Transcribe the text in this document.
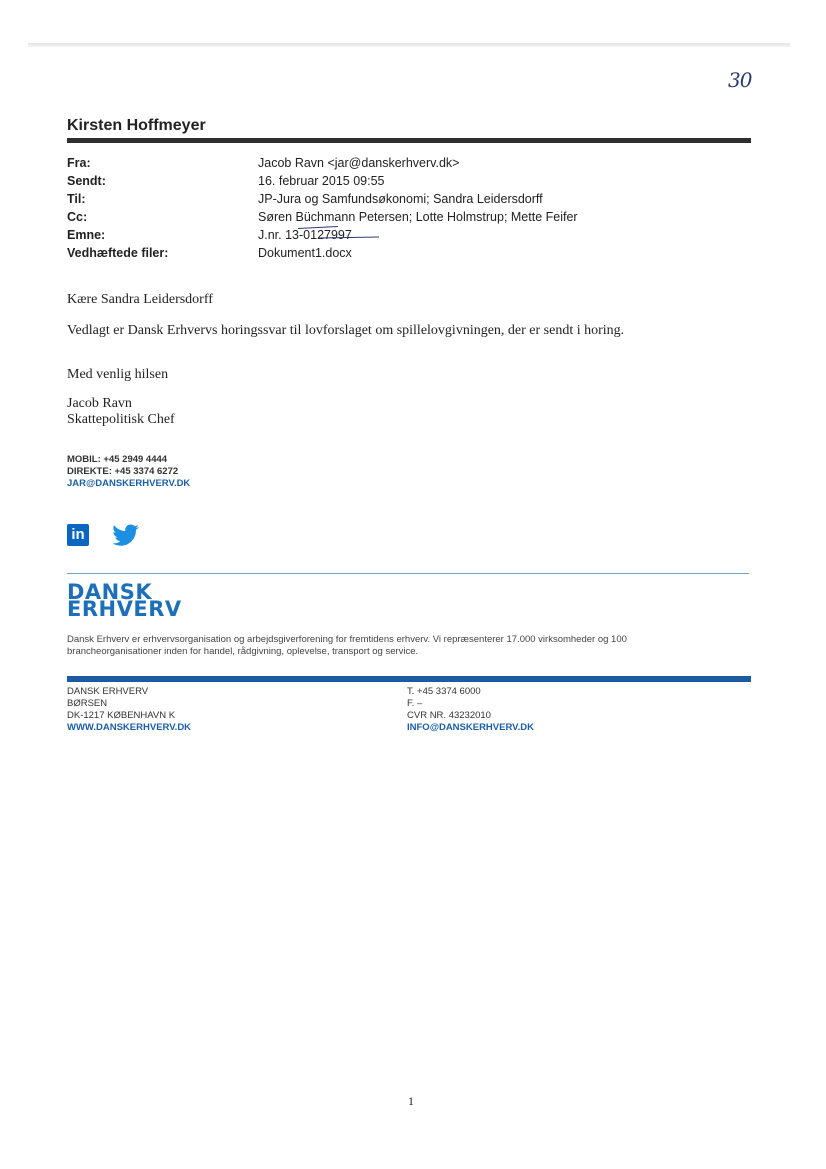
30
Kirsten Hoffmeyer
Fra:	Jacob Ravn <jar@danskerhverv.dk>
Sendt:	16. februar 2015 09:55
Til:	JP-Jura og Samfundsøkonomi; Sandra Leidersdorff
Cc:	Søren Büchmann Petersen; Lotte Holmstrup; Mette Feifer
Emne:	J.nr. 13-0127997
Vedhæftede filer:	Dokument1.docx
Kære Sandra Leidersdorff
Vedlagt er Dansk Erhvervs horingssvar til lovforslaget om spillelovgivningen, der er sendt i horing.
Med venlig hilsen
Jacob Ravn
Skattepolitisk Chef
MOBIL: +45 2949 4444
DIREKTE: +45 3374 6272
JAR@DANSKERHVERV.DK
in
DANSK
ERHVERV
Dansk Erhverv er erhvervsorganisation og arbejdsgiverforening for fremtidens erhverv. Vi repræsenterer 17.000 virksomheder og 100
brancheorganisationer inden for handel, rådgivning, oplevelse, transport og service.
DANSK ERHVERV
BØRSEN
DK-1217 KØBENHAVN K
WWW.DANSKERHVERV.DK
T. +45 3374 6000
F. –
CVR NR. 43232010
INFO@DANSKERHVERV.DK
1
